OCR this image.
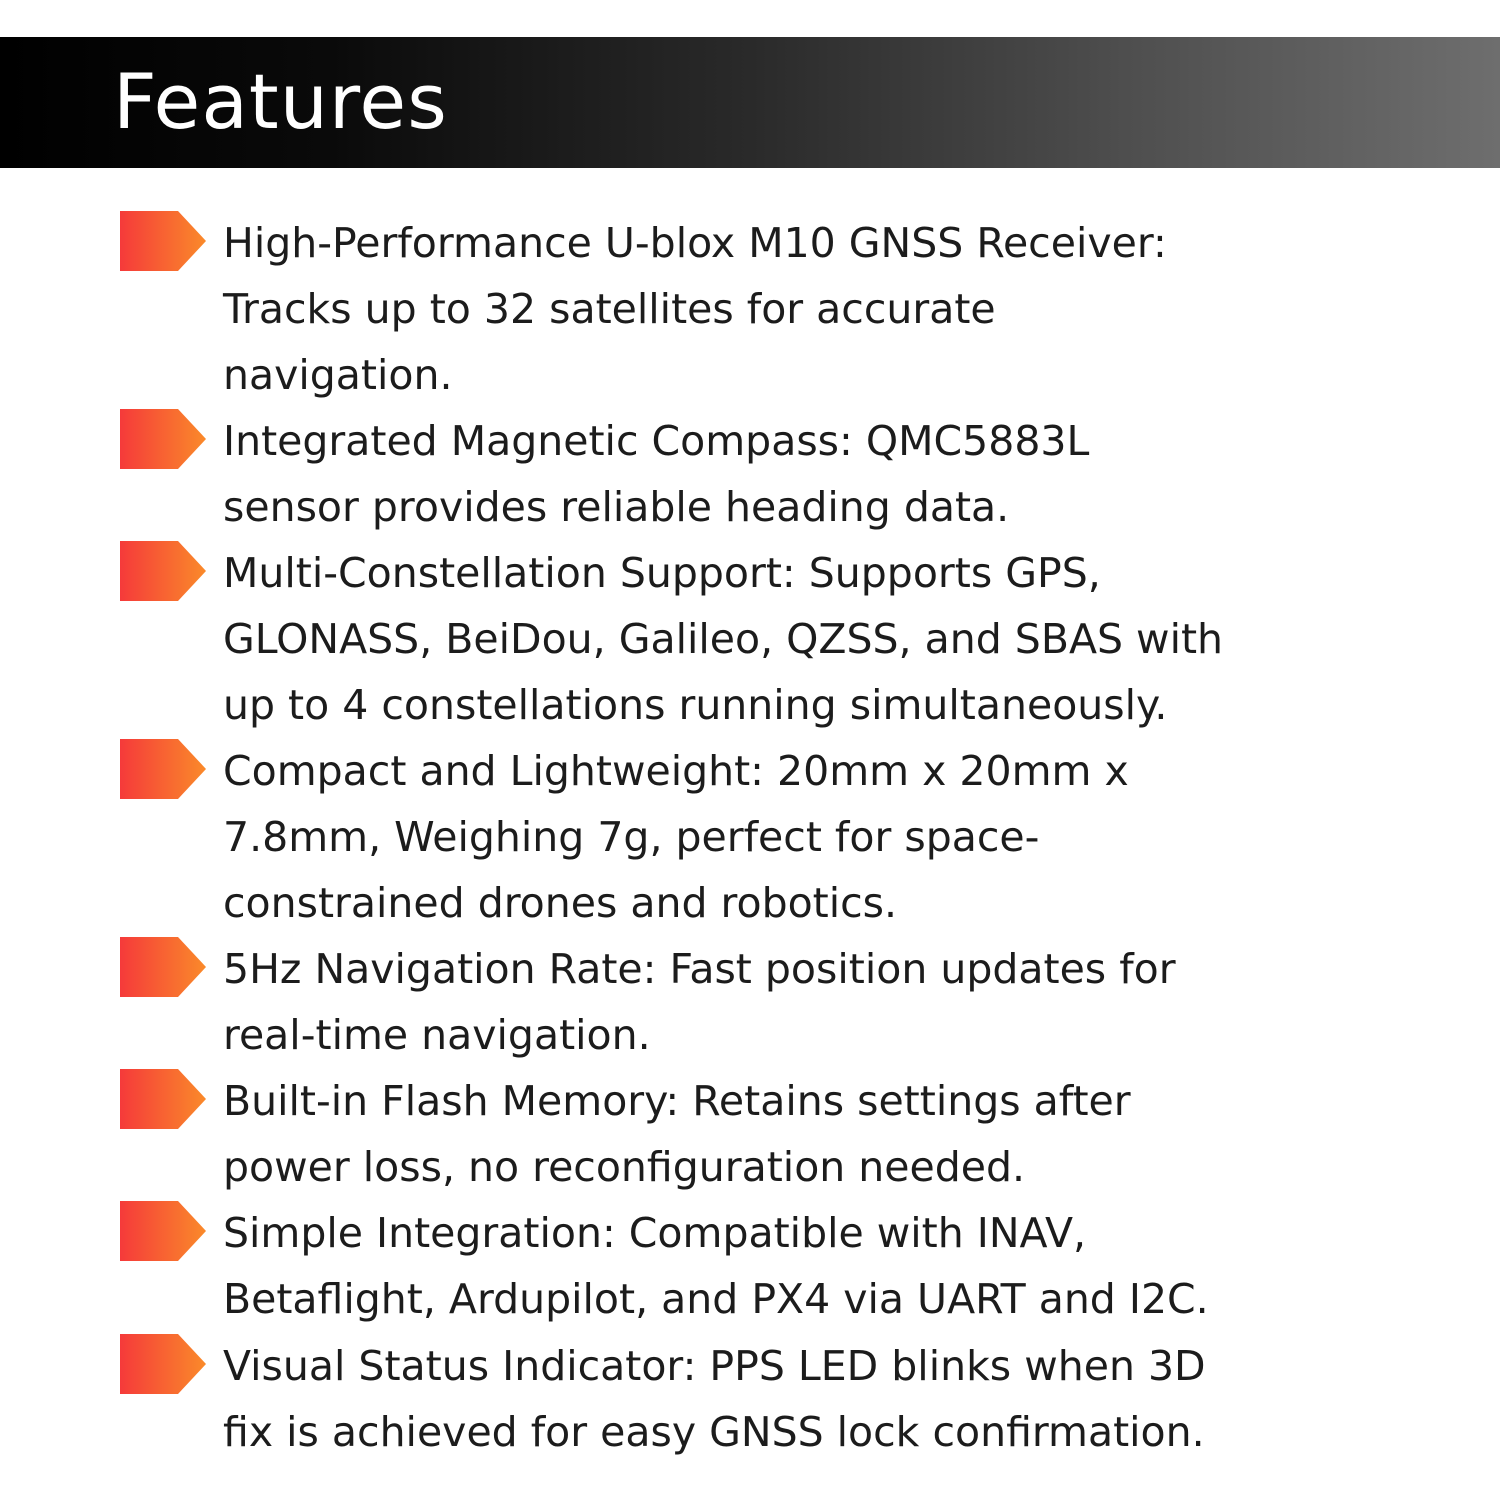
Features

High-Performance U-blox M10 GNSS Receiver:
Tracks up to 32 satellites for accurate
navigation.

Integrated Magnetic Compass: QMC5883L
sensor provides reliable heading data.

Multi-Constellation Support: Supports GPS,
GLONASS, BeiDou, Galileo, QZSS, and SBAS with
up to 4 constellations running simultaneously.

Compact and Lightweight: 20mm x 20mm x
7.8mm, Weighing 7g, perfect for space-
constrained drones and robotics.

5Hz Navigation Rate: Fast position updates for
real-time navigation.

Built-in Flash Memory: Retains settings after
power loss, no reconfiguration needed.

Simple Integration: Compatible with INAV,
Betaflight, Ardupilot, and PX4 via UART and I2C.

Visual Status Indicator: PPS LED blinks when 3D
fix is achieved for easy GNSS lock confirmation.
